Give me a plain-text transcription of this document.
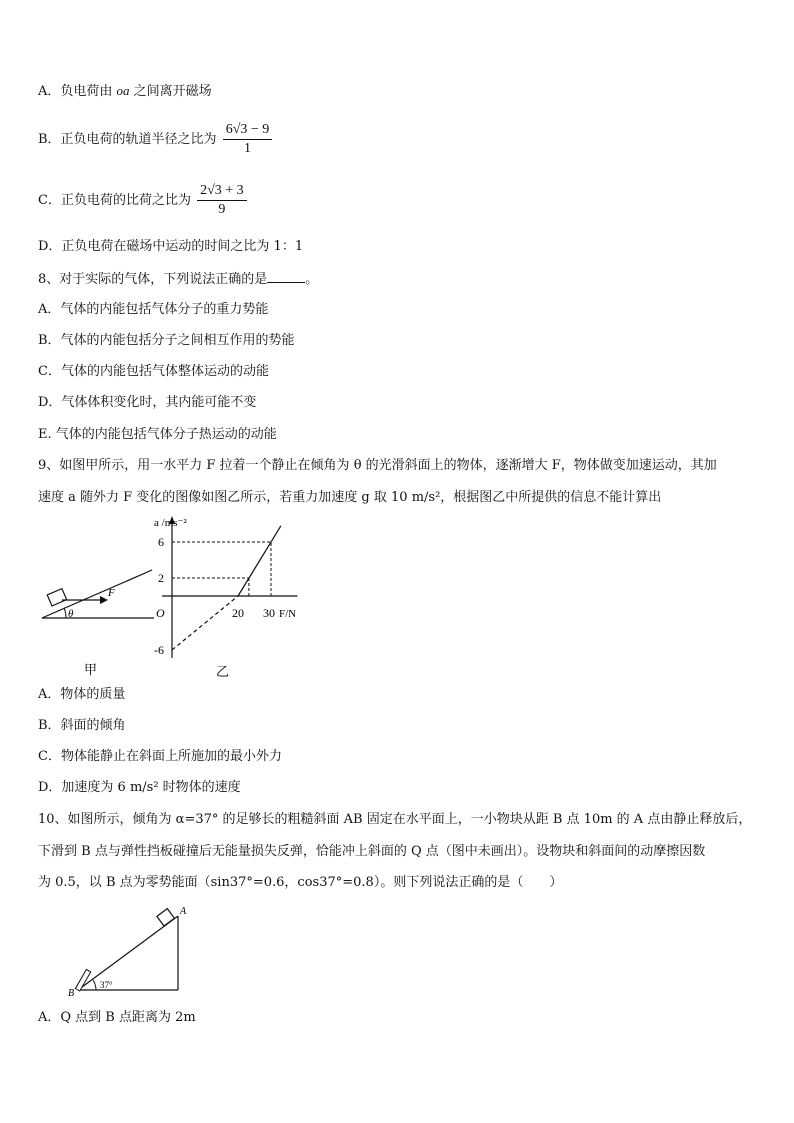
A．负电荷由 oa 之间离开磁场
B．正负电荷的轨道半径之比为 $\frac{6√3 - 9}{1}$
C．正负电荷的比荷之比为 $\frac{2√3 + 3}{9}$
D．正负电荷在磁场中运动的时间之比为 1：1
8、对于实际的气体，下列说法正确的是	。
A．气体的内能包括气体分子的重力势能
B．气体的内能包括分子之间相互作用的势能
C．气体的内能包括气体整体运动的动能
D．气体体积变化时，其内能可能不变
E. 气体的内能包括气体分子热运动的动能
9、如图甲所示，用一水平力 F 拉着一个静止在倾角为 θ 的光滑斜面上的物体，逐渐增大 F，物体做变加速运动，其加
速度 a 随外力 F 变化的图像如图乙所示，若重力加速度 g 取 10 m/s²，根据图乙中所提供的信息不能计算出
F
θ
甲
a /ms⁻²
F/N
O
6
2
-6
20 30
乙
A．物体的质量
B．斜面的倾角
C．物体能静止在斜面上所施加的最小外力
D．加速度为 6 m/s² 时物体的速度
10、如图所示，倾角为 α=37° 的足够长的粗糙斜面 AB 固定在水平面上，一小物块从距 B 点 10m 的 A 点由静止释放后，
下滑到 B 点与弹性挡板碰撞后无能量损失反弹，恰能冲上斜面的 Q 点（图中未画出）。设物块和斜面间的动摩擦因数
为 0.5，以 B 点为零势能面（sin37°=0.6，cos37°=0.8）。则下列说法正确的是（　　）
37°
B
A
A．Q 点到 B 点距离为 2m
